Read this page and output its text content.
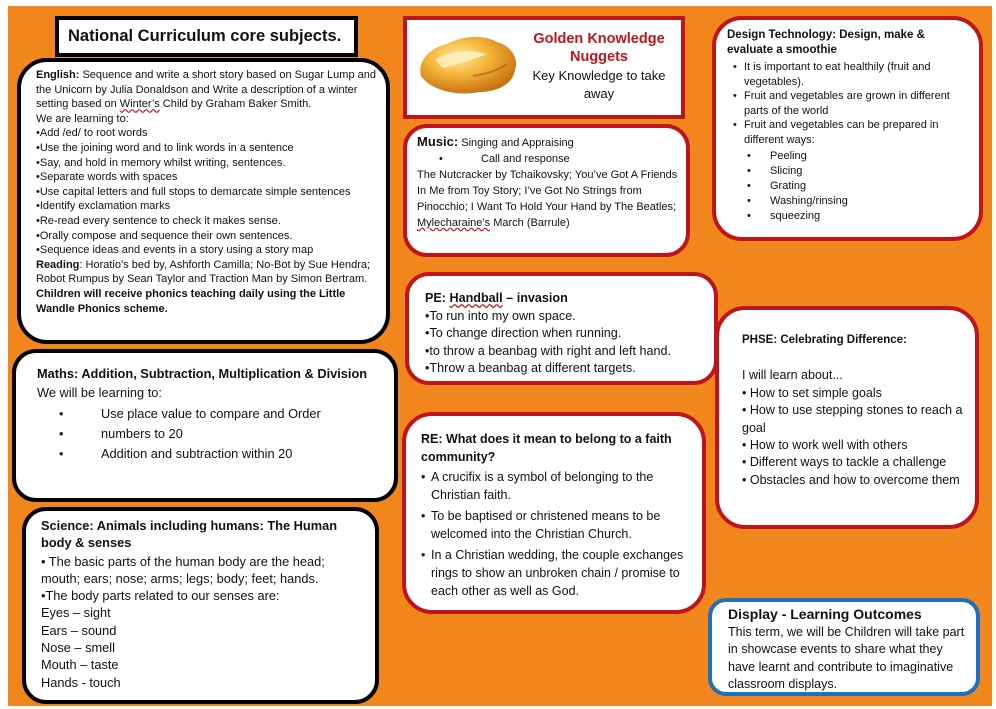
National Curriculum core subjects.	Golden Knowledge
Nuggets
Key Knowledge to take
away
English: Sequence and write a short story based on Sugar Lump and the Unicorn by Julia Donaldson and Write a description of a winter setting based on Winter’s Child by Graham Baker Smith.
We are learning to:
• Add /ed/ to root words
• Use the joining word and to link words in a sentence
• Say, and hold in memory whilst writing, sentences.
• Separate words with spaces
• Use capital letters and full stops to demarcate simple sentences
• Identify exclamation marks
• Re-read every sentence to check it makes sense.
• Orally compose and sequence their own sentences.
• Sequence ideas and events in a story using a story map
Reading: Horatio’s bed by, Ashforth Camilla; No-Bot by Sue Hendra; Robot Rumpus by Sean Taylor and Traction Man by Simon Bertram.
Children will receive phonics teaching daily using the Little Wandle Phonics scheme.
Maths: Addition, Subtraction, Multiplication & Division
We will be learning to:
•	Use place value to compare and Order
•	numbers to 20
•	Addition and subtraction within 20
Science: Animals including humans: The Human body & senses
• The basic parts of the human body are the head; mouth; ears; nose; arms; legs; body; feet; hands.
•The body parts related to our senses are:
Eyes – sight
Ears – sound
Nose – smell
Mouth – taste
Hands - touch
Music: Singing and Appraising
•	Call and response
The Nutcracker by Tchaikovsky; You’ve Got A Friends In Me from Toy Story; I’ve Got No Strings from Pinocchio; I Want To Hold Your Hand by The Beatles; Mylecharaine’s March (Barrule)
PE: Handball – invasion
•To run into my own space.
•To change direction when running.
•to throw a beanbag with right and left hand.
•Throw a beanbag at different targets.
RE: What does it mean to belong to a faith community?
• A crucifix is a symbol of belonging to the Christian faith.
• To be baptised or christened means to be welcomed into the Christian Church.
• In a Christian wedding, the couple exchanges rings to show an unbroken chain / promise to each other as well as God.
Design Technology: Design, make & evaluate a smoothie
• It is important to eat healthily (fruit and vegetables).
• Fruit and vegetables are grown in different parts of the world
• Fruit and vegetables can be prepared in different ways:
• Peeling
• Slicing
• Grating
• Washing/rinsing
• squeezing
PHSE: Celebrating Difference:
I will learn about...
• How to set simple goals
• How to use stepping stones to reach a goal
• How to work well with others
• Different ways to tackle a challenge
• Obstacles and how to overcome them
Display - Learning Outcomes
This term, we will be Children will take part in showcase events to share what they have learnt and contribute to imaginative classroom displays.
